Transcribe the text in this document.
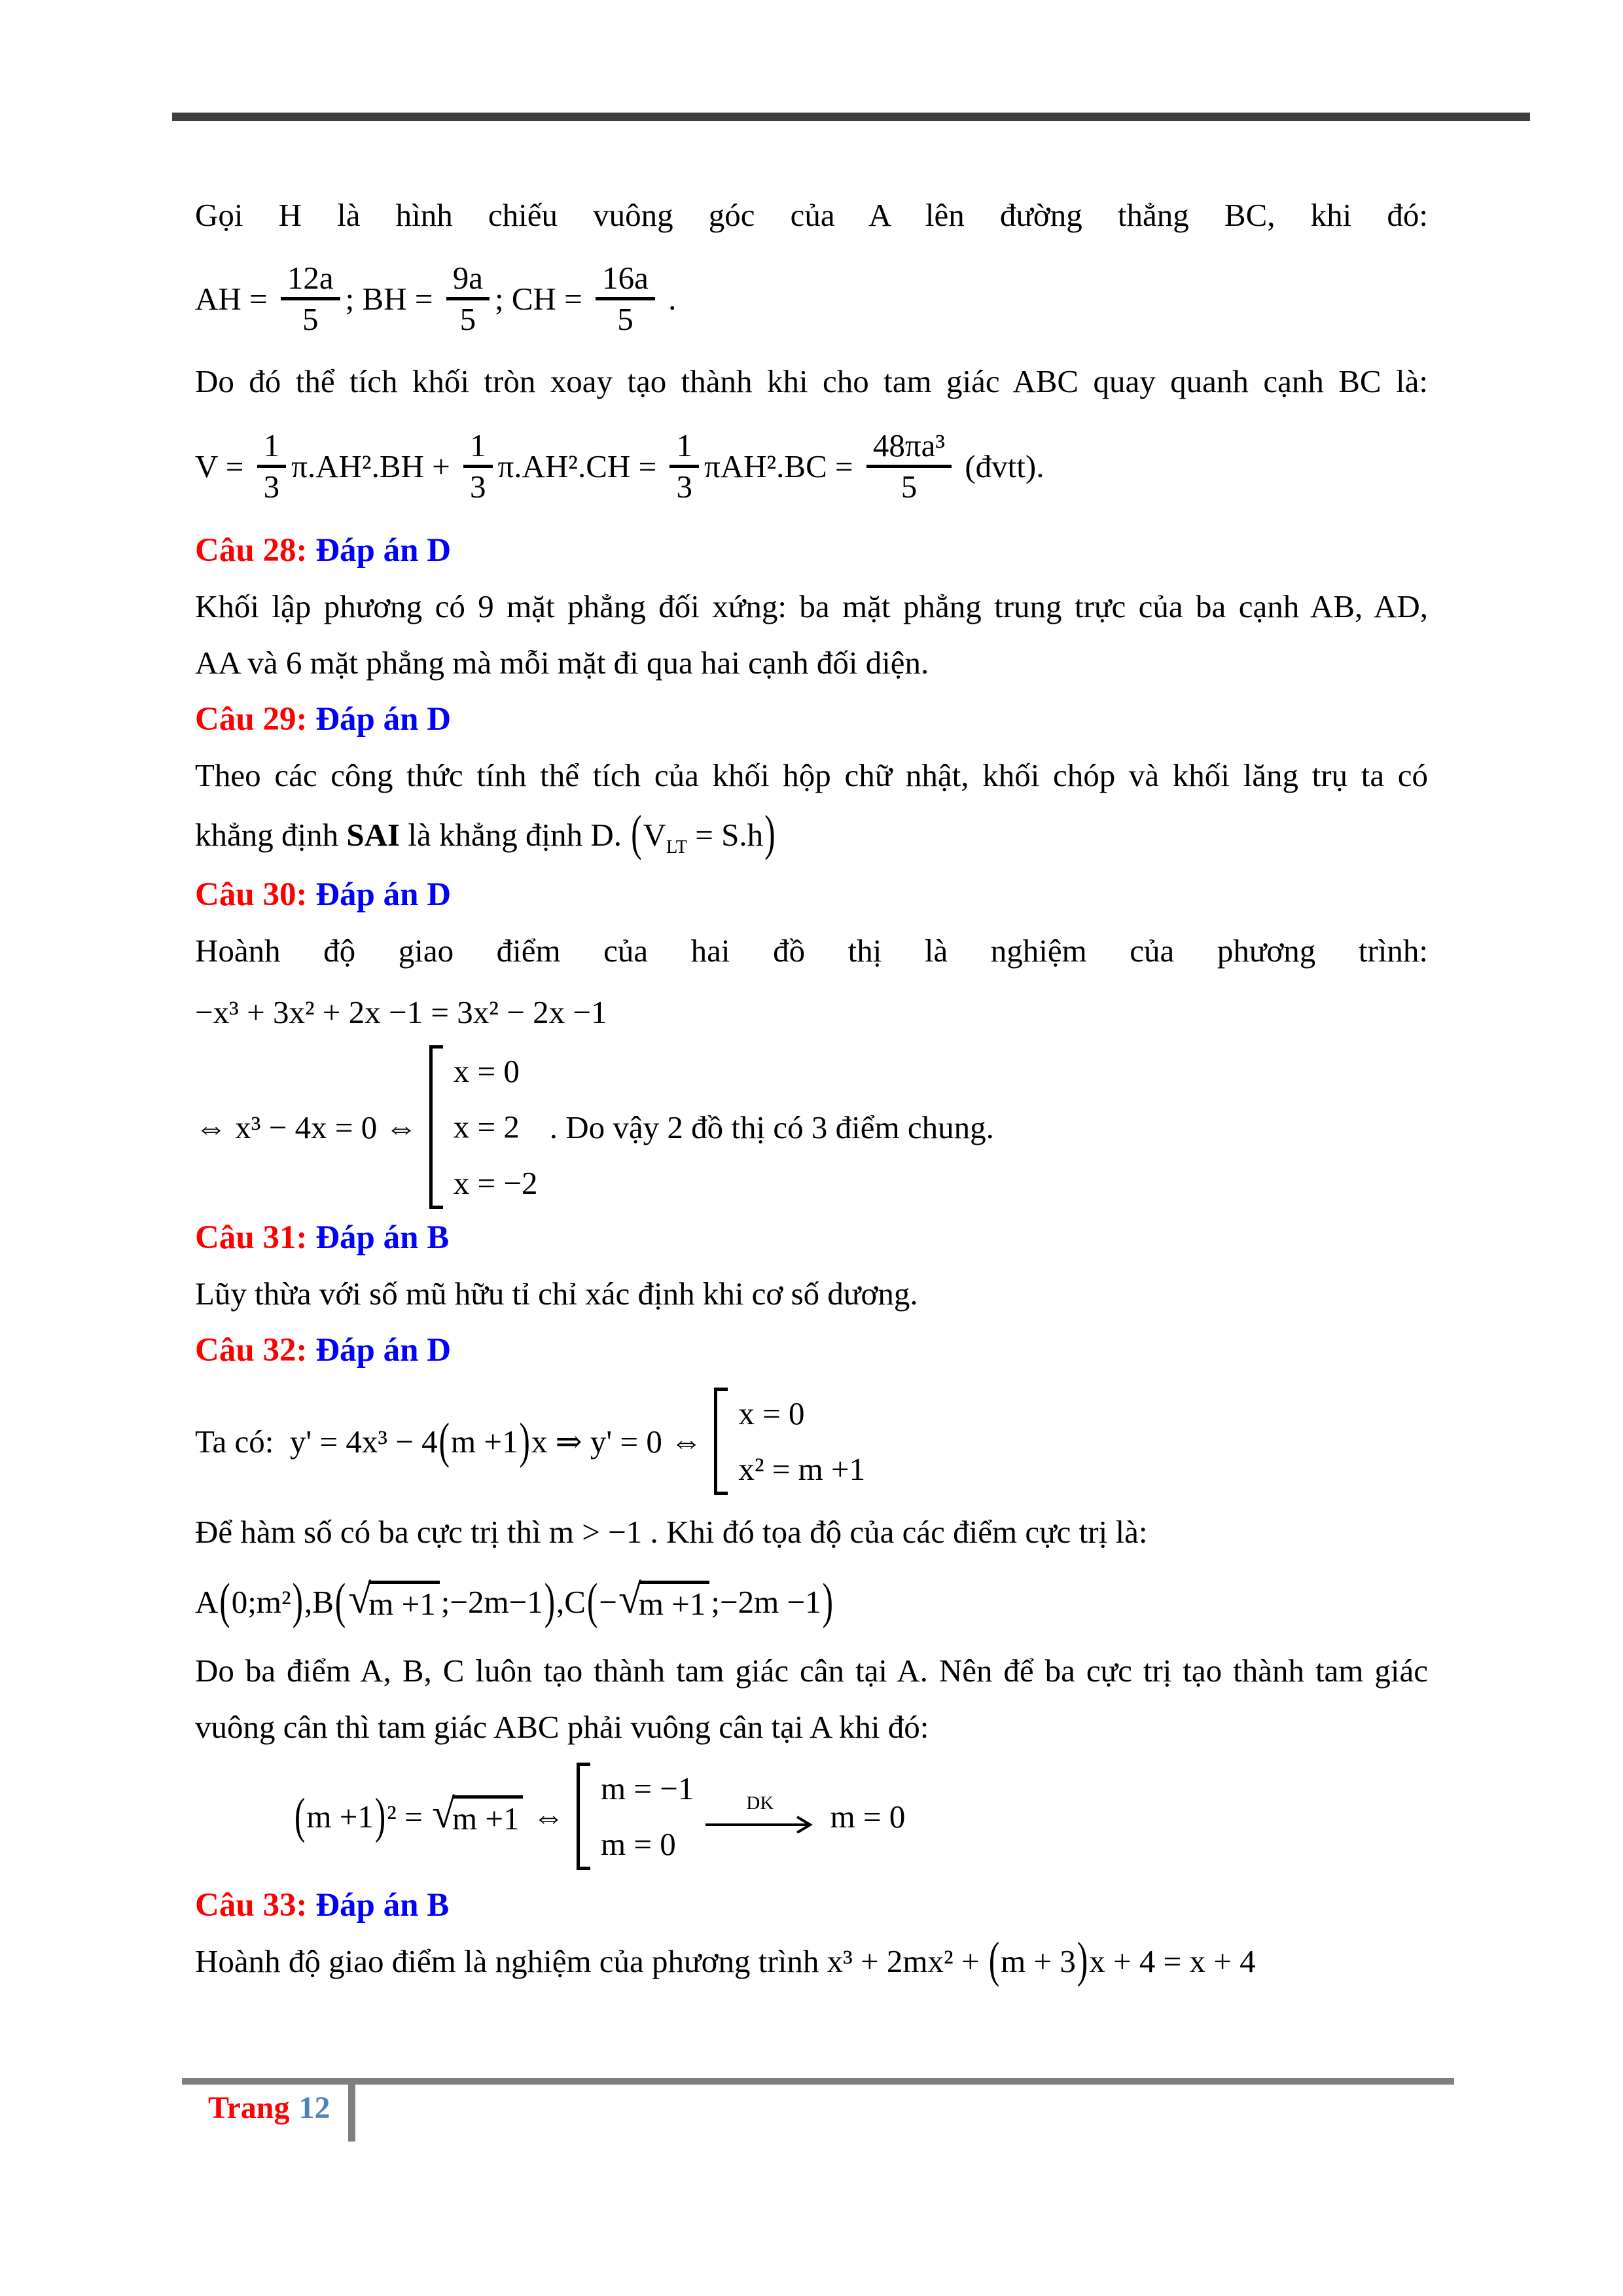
Gọi H là hình chiếu vuông góc của A lên đường thẳng BC, khi đó:
AH = $\frac{12a}{5}$ ; BH = $\frac{9a}{5}$ ; CH = $\frac{16a}{5}$ .
Do đó thể tích khối tròn xoay tạo thành khi cho tam giác ABC quay quanh cạnh BC là:
$V = \frac{1}{3} \pi.AH^2.BH + \frac{1}{3} \pi.AH^2.CH = \frac{1}{3} \pi AH^2.BC = \frac{\text{48πa³}}{5}$ (đvtt).
Câu 28: Đáp án D
Khối lập phương có 9 mặt phẳng đối xứng: ba mặt phẳng trung trực của ba cạnh AB, AD,
AA và 6 mặt phẳng mà mỗi mặt đi qua hai cạnh đối diện.
Câu 29: Đáp án D
Theo các công thức tính thể tích của khối hộp chữ nhật, khối chóp và khối lăng trụ ta có
khẳng định SAI là khẳng định D. $(V_{LT} = S.h)$
Câu 30: Đáp án D
Hoành độ giao điểm của hai đồ thị là nghiệm của phương trình:
−x³ + 3x² + 2x −1 = 3x² − 2x −1
⇔ x³ − 4x = 0 ⇔
x = 0
x = 2
x = −2
. Do vậy 2 đồ thị có 3 điểm chung.
Câu 31: Đáp án B
Lũy thừa với số mũ hữu tỉ chỉ xác định khi cơ số dương.
Câu 32: Đáp án D
Ta có:  y' = 4x³ − 4 ( m +1 ) x ⇒ y' = 0 ⇔
x = 0
x² = m +1
Để hàm số có ba cực trị thì m > −1 . Khi đó tọa độ của các điểm cực trị là:
A ( 0;m² ) ,B ( √
m +1 ;−2m−1 ) ,C ( − √
m +1 ;−2m −1 )
Do ba điểm A, B, C luôn tạo thành tam giác cân tại A. Nên để ba cực trị tạo thành tam giác
vuông cân thì tam giác ABC phải vuông cân tại A khi đó:
( m +1 ) ² = √
m +1 ⇔
m = −1
m = 0
DK m = 0
Câu 33: Đáp án B
Hoành độ giao điểm là nghiệm của phương trình x³ + 2mx² + (m + 3)x + 4 = x + 4
Trang 12
